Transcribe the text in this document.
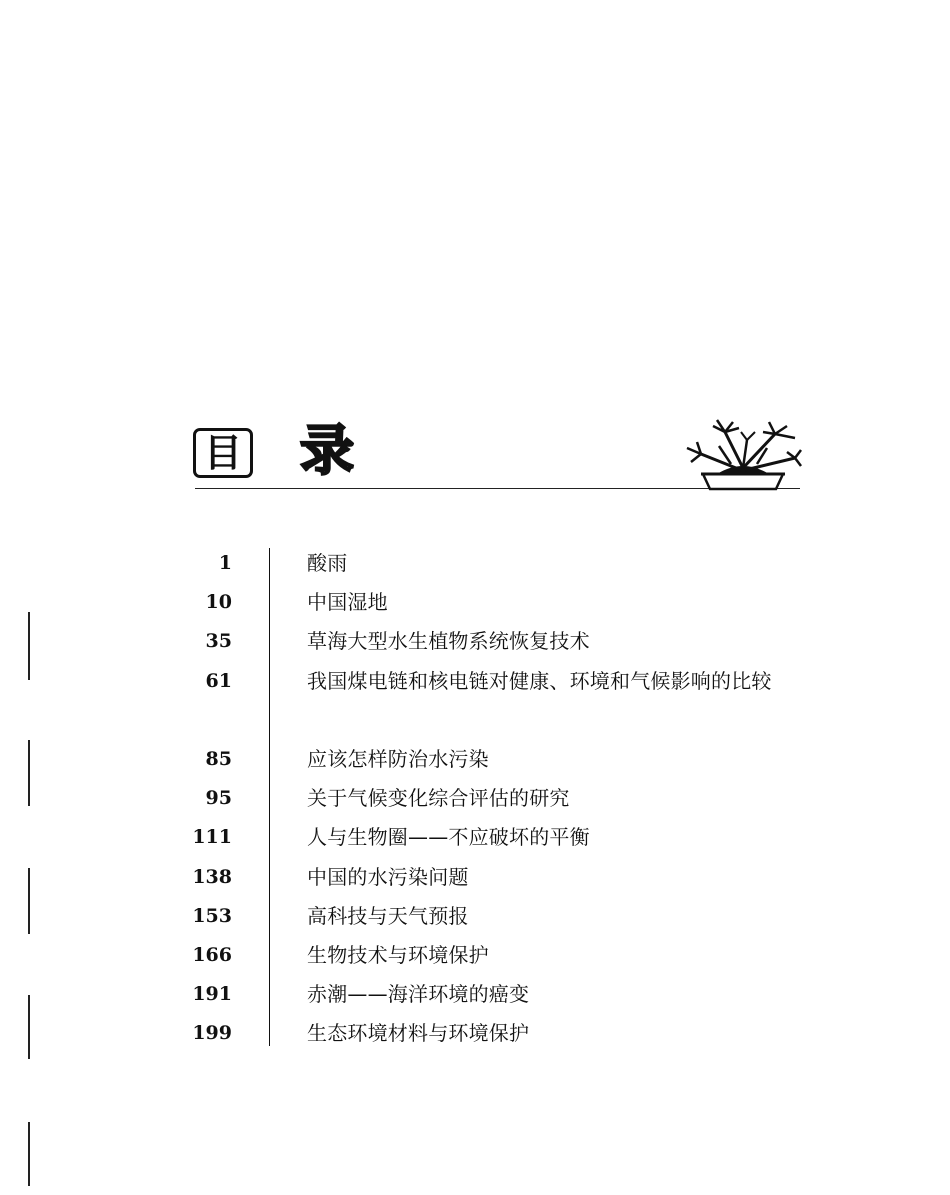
目 录
1	酸雨
10	中国湿地
35	草海大型水生植物系统恢复技术
61	我国煤电链和核电链对健康、环境和气候影响的比较
85	应该怎样防治水污染
95	关于气候变化综合评估的研究
111	人与生物圈——不应破坏的平衡
138	中国的水污染问题
153	高科技与天气预报
166	生物技术与环境保护
191	赤潮——海洋环境的癌变
199	生态环境材料与环境保护
